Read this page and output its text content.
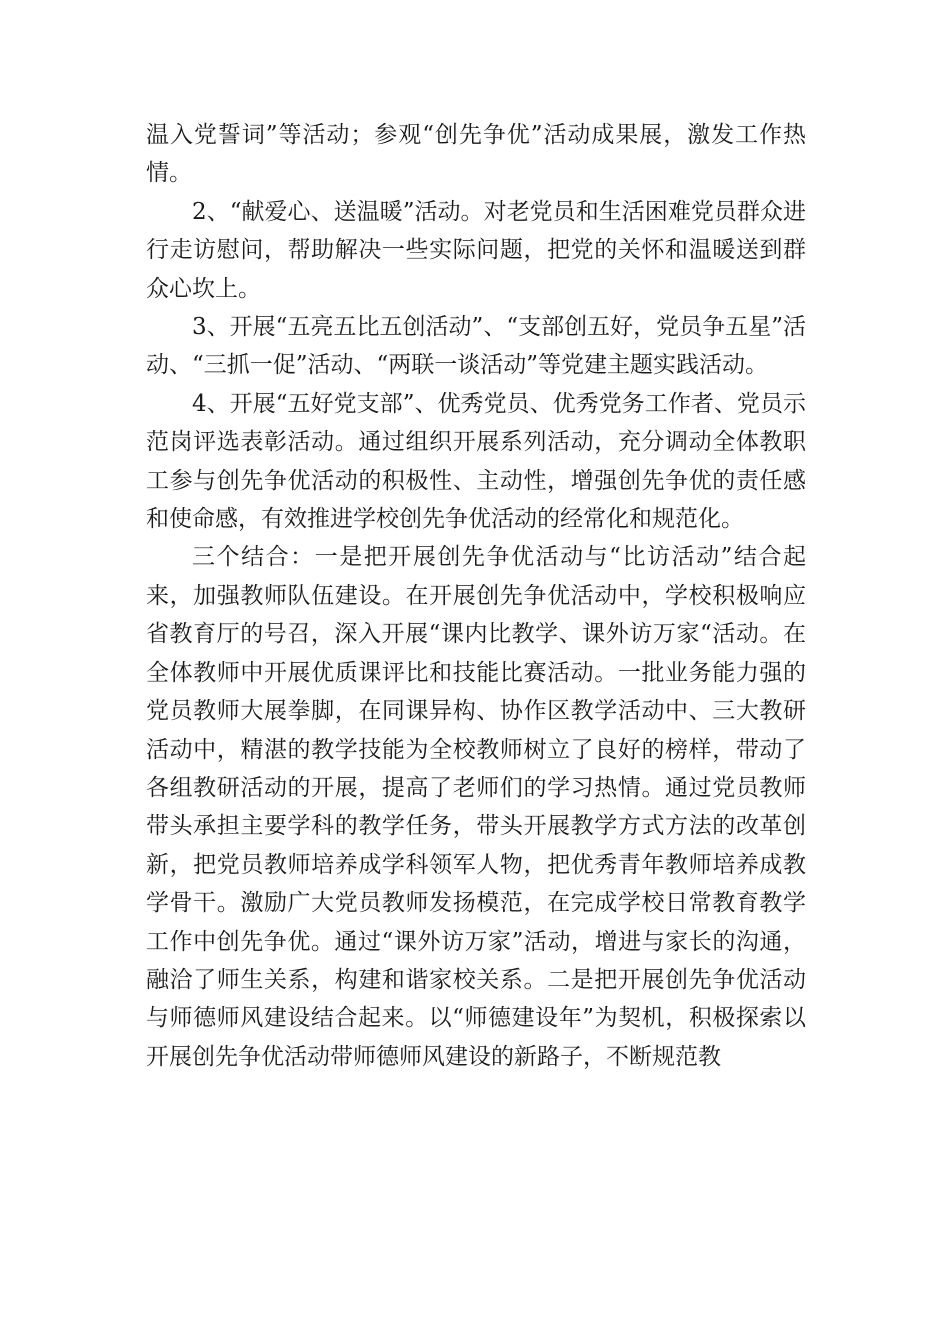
温入党誓词”等活动；参观“创先争优”活动成果展，激发工作热情。

2、“献爱心、送温暖”活动。对老党员和生活困难党员群众进行走访慰问，帮助解决一些实际问题，把党的关怀和温暖送到群众心坎上。

3、开展“五亮五比五创活动”、“支部创五好，党员争五星”活动、“三抓一促”活动、“两联一谈活动”等党建主题实践活动。

4、开展“五好党支部”、优秀党员、优秀党务工作者、党员示范岗评选表彰活动。通过组织开展系列活动，充分调动全体教职工参与创先争优活动的积极性、主动性，增强创先争优的责任感和使命感，有效推进学校创先争优活动的经常化和规范化。

三个结合：一是把开展创先争优活动与“比访活动”结合起来，加强教师队伍建设。在开展创先争优活动中，学校积极响应省教育厅的号召，深入开展“课内比教学、课外访万家“活动。在全体教师中开展优质课评比和技能比赛活动。一批业务能力强的党员教师大展拳脚，在同课异构、协作区教学活动中、三大教研活动中，精湛的教学技能为全校教师树立了良好的榜样，带动了各组教研活动的开展，提高了老师们的学习热情。通过党员教师带头承担主要学科的教学任务，带头开展教学方式方法的改革创新，把党员教师培养成学科领军人物，把优秀青年教师培养成教学骨干。激励广大党员教师发扬模范，在完成学校日常教育教学工作中创先争优。通过“课外访万家”活动，增进与家长的沟通，融洽了师生关系，构建和谐家校关系。二是把开展创先争优活动与师德师风建设结合起来。以“师德建设年”为契机，积极探索以开展创先争优活动带师德师风建设的新路子，不断规范教
